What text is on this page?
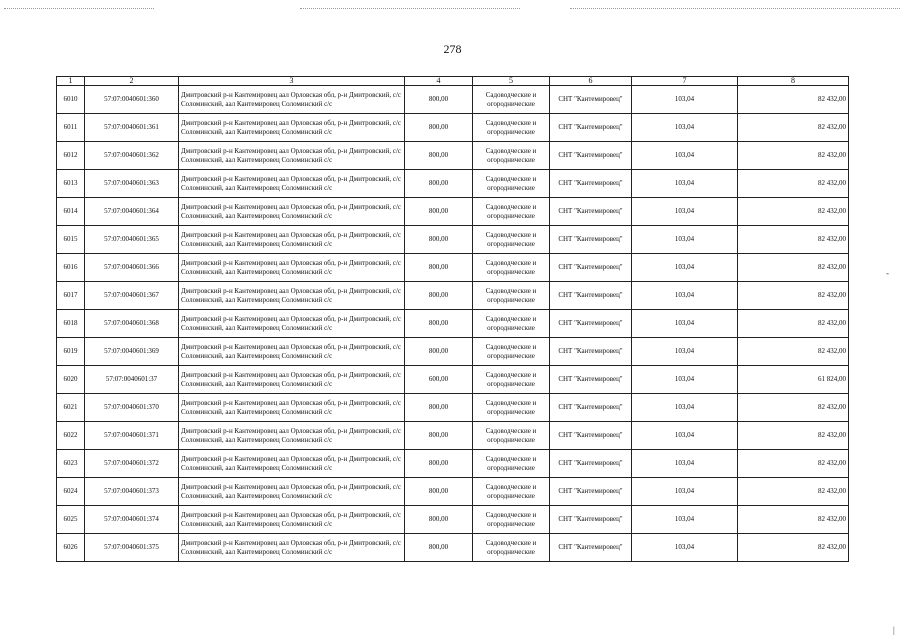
278
1	2	3	4	5	6	7	8
6010	57:07:0040601:360	Дмитровский р-н Кантемировец аал Орловская обл, р-н Дмитровский, с/с Соломинский, аал Кантемировец Соломинский с/с	800,00	Садоводческие и огороднические	СНТ "Кантемировец"	103,04	82 432,00
6011	57:07:0040601:361	Дмитровский р-н Кантемировец аал Орловская обл, р-н Дмитровский, с/с Соломинский, аал Кантемировец Соломинский с/с	800,00	Садоводческие и огороднические	СНТ "Кантемировец"	103,04	82 432,00
6012	57:07:0040601:362	Дмитровский р-н Кантемировец аал Орловская обл, р-н Дмитровский, с/с Соломинский, аал Кантемировец Соломинский с/с	800,00	Садоводческие и огороднические	СНТ "Кантемировец"	103,04	82 432,00
6013	57:07:0040601:363	Дмитровский р-н Кантемировец аал Орловская обл, р-н Дмитровский, с/с Соломинский, аал Кантемировец Соломинский с/с	800,00	Садоводческие и огороднические	СНТ "Кантемировец"	103,04	82 432,00
6014	57:07:0040601:364	Дмитровский р-н Кантемировец аал Орловская обл, р-н Дмитровский, с/с Соломинский, аал Кантемировец Соломинский с/с	800,00	Садоводческие и огороднические	СНТ "Кантемировец"	103,04	82 432,00
6015	57:07:0040601:365	Дмитровский р-н Кантемировец аал Орловская обл, р-н Дмитровский, с/с Соломинский, аал Кантемировец Соломинский с/с	800,00	Садоводческие и огороднические	СНТ "Кантемировец"	103,04	82 432,00
6016	57:07:0040601:366	Дмитровский р-н Кантемировец аал Орловская обл, р-н Дмитровский, с/с Соломинский, аал Кантемировец Соломинский с/с	800,00	Садоводческие и огороднические	СНТ "Кантемировец"	103,04	82 432,00
6017	57:07:0040601:367	Дмитровский р-н Кантемировец аал Орловская обл, р-н Дмитровский, с/с Соломинский, аал Кантемировец Соломинский с/с	800,00	Садоводческие и огороднические	СНТ "Кантемировец"	103,04	82 432,00
6018	57:07:0040601:368	Дмитровский р-н Кантемировец аал Орловская обл, р-н Дмитровский, с/с Соломинский, аал Кантемировец Соломинский с/с	800,00	Садоводческие и огороднические	СНТ "Кантемировец"	103,04	82 432,00
6019	57:07:0040601:369	Дмитровский р-н Кантемировец аал Орловская обл, р-н Дмитровский, с/с Соломинский, аал Кантемировец Соломинский с/с	800,00	Садоводческие и огороднические	СНТ "Кантемировец"	103,04	82 432,00
6020	57:07:0040601:37	Дмитровский р-н Кантемировец аал Орловская обл, р-н Дмитровский, с/с Соломинский, аал Кантемировец Соломинский с/с	600,00	Садоводческие и огороднические	СНТ "Кантемировец"	103,04	61 824,00
6021	57:07:0040601:370	Дмитровский р-н Кантемировец аал Орловская обл, р-н Дмитровский, с/с Соломинский, аал Кантемировец Соломинский с/с	800,00	Садоводческие и огороднические	СНТ "Кантемировец"	103,04	82 432,00
6022	57:07:0040601:371	Дмитровский р-н Кантемировец аал Орловская обл, р-н Дмитровский, с/с Соломинский, аал Кантемировец Соломинский с/с	800,00	Садоводческие и огороднические	СНТ "Кантемировец"	103,04	82 432,00
6023	57:07:0040601:372	Дмитровский р-н Кантемировец аал Орловская обл, р-н Дмитровский, с/с Соломинский, аал Кантемировец Соломинский с/с	800,00	Садоводческие и огороднические	СНТ "Кантемировец"	103,04	82 432,00
6024	57:07:0040601:373	Дмитровский р-н Кантемировец аал Орловская обл, р-н Дмитровский, с/с Соломинский, аал Кантемировец Соломинский с/с	800,00	Садоводческие и огороднические	СНТ "Кантемировец"	103,04	82 432,00
6025	57:07:0040601:374	Дмитровский р-н Кантемировец аал Орловская обл, р-н Дмитровский, с/с Соломинский, аал Кантемировец Соломинский с/с	800,00	Садоводческие и огороднические	СНТ "Кантемировец"	103,04	82 432,00
6026	57:07:0040601:375	Дмитровский р-н Кантемировец аал Орловская обл, р-н Дмитровский, с/с Соломинский, аал Кантемировец Соломинский с/с	800,00	Садоводческие и огороднические	СНТ "Кантемировец"	103,04	82 432,00
-
|
